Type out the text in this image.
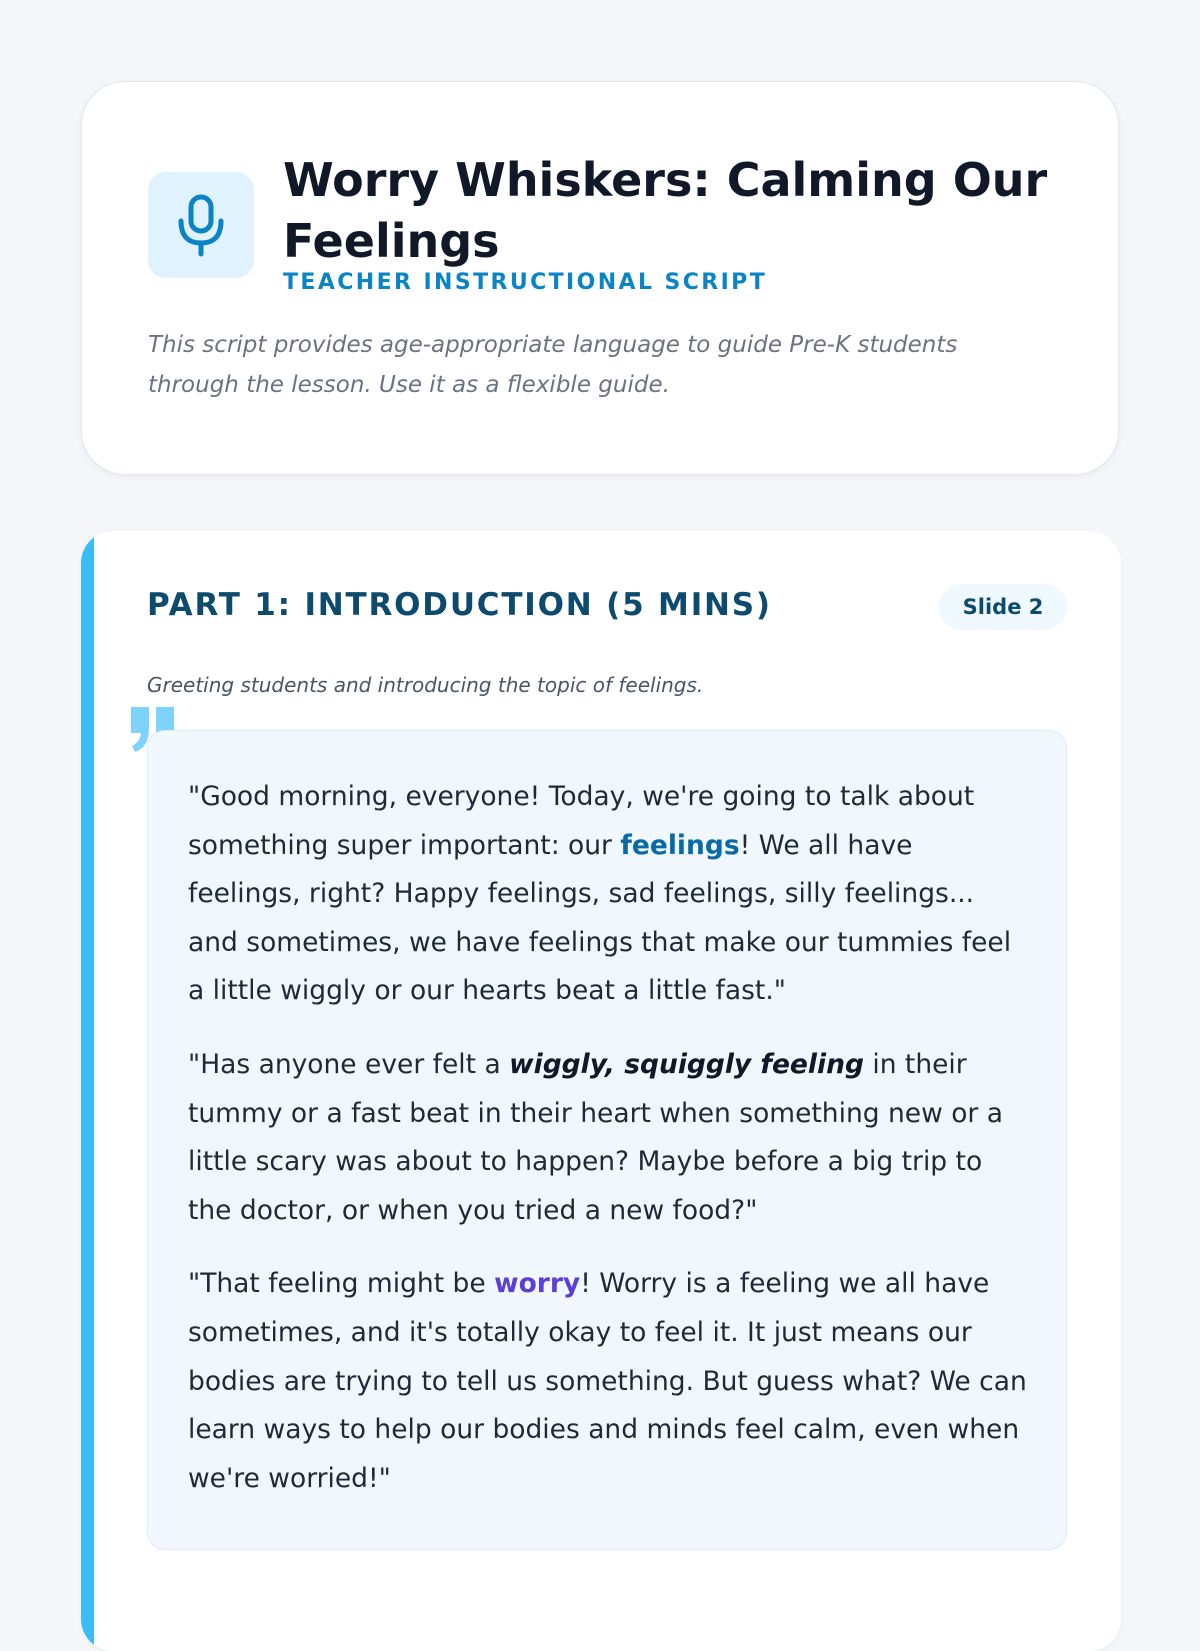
Worry Whiskers: Calming Our Feelings
TEACHER INSTRUCTIONAL SCRIPT

This script provides age-appropriate language to guide Pre-K students through the lesson. Use it as a flexible guide.

PART 1: INTRODUCTION (5 MINS)	Slide 2

Greeting students and introducing the topic of feelings.

"Good morning, everyone! Today, we're going to talk about something super important: our feelings! We all have feelings, right? Happy feelings, sad feelings, silly feelings... and sometimes, we have feelings that make our tummies feel a little wiggly or our hearts beat a little fast."

"Has anyone ever felt a wiggly, squiggly feeling in their tummy or a fast beat in their heart when something new or a little scary was about to happen? Maybe before a big trip to the doctor, or when you tried a new food?"

"That feeling might be worry! Worry is a feeling we all have sometimes, and it's totally okay to feel it. It just means our bodies are trying to tell us something. But guess what? We can learn ways to help our bodies and minds feel calm, even when we're worried!"
